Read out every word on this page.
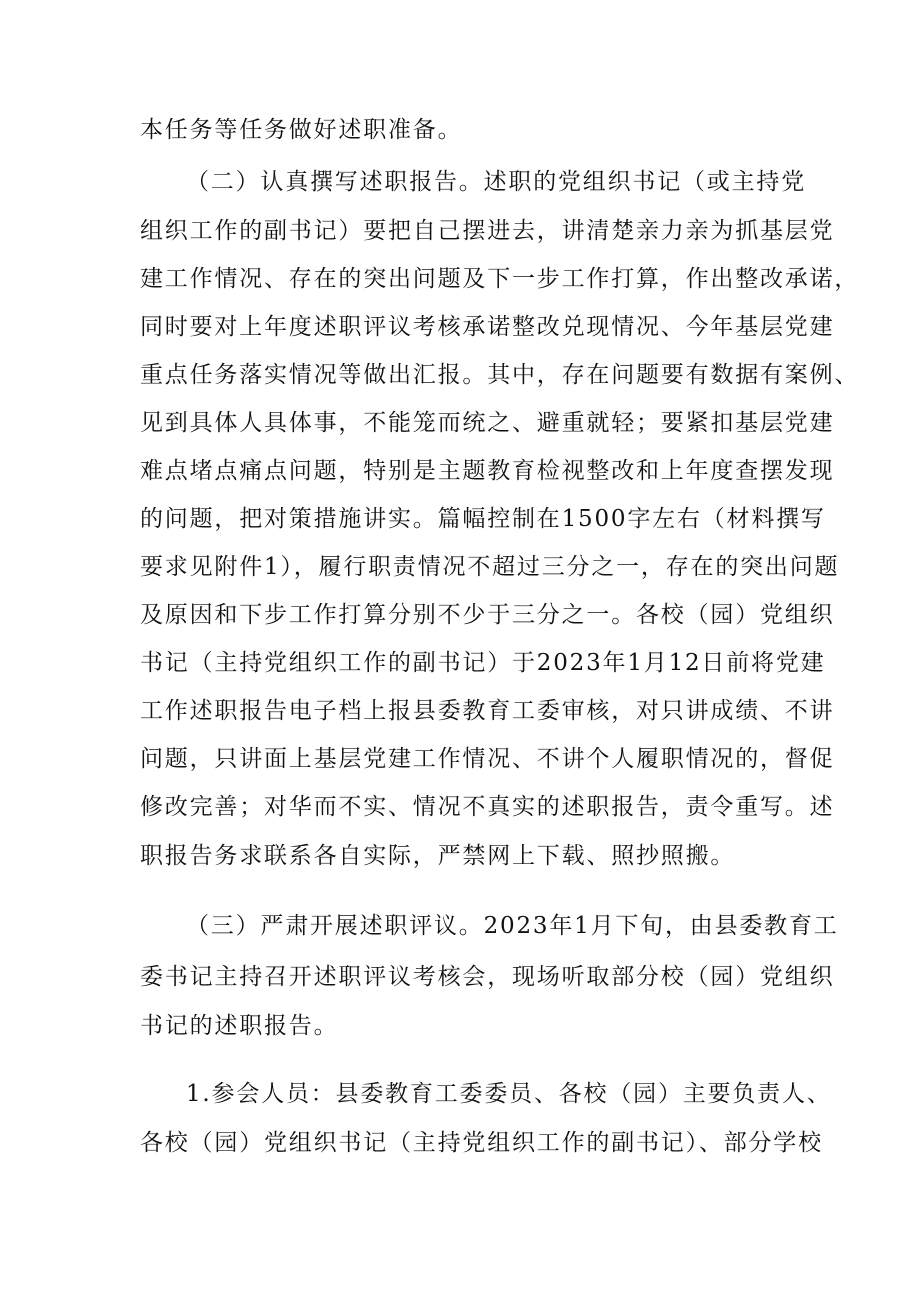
本任务等任务做好述职准备。
（二）认真撰写述职报告。述职的党组织书记（或主持党
组织工作的副书记）要把自己摆进去，讲清楚亲力亲为抓基层党
建工作情况、存在的突出问题及下一步工作打算，作出整改承诺，
同时要对上年度述职评议考核承诺整改兑现情况、今年基层党建
重点任务落实情况等做出汇报。其中，存在问题要有数据有案例、
见到具体人具体事，不能笼而统之、避重就轻；要紧扣基层党建
难点堵点痛点问题，特别是主题教育检视整改和上年度查摆发现
的问题，把对策措施讲实。篇幅控制在1500字左右（材料撰写
要求见附件1），履行职责情况不超过三分之一，存在的突出问题
及原因和下步工作打算分别不少于三分之一。各校（园）党组织
书记（主持党组织工作的副书记）于2023年1月12日前将党建
工作述职报告电子档上报县委教育工委审核，对只讲成绩、不讲
问题，只讲面上基层党建工作情况、不讲个人履职情况的，督促
修改完善；对华而不实、情况不真实的述职报告，责令重写。述
职报告务求联系各自实际，严禁网上下载、照抄照搬。
（三）严肃开展述职评议。2023年1月下旬，由县委教育工
委书记主持召开述职评议考核会，现场听取部分校（园）党组织
书记的述职报告。
1.参会人员：县委教育工委委员、各校（园）主要负责人、
各校（园）党组织书记（主持党组织工作的副书记）、部分学校
